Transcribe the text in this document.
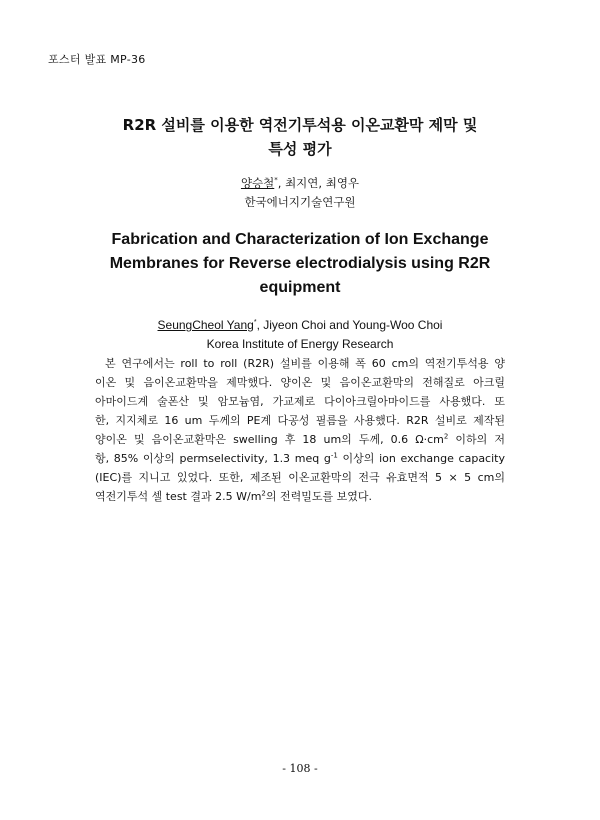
포스터 발표 MP-36
R2R 설비를 이용한 역전기투석용 이온교환막 제막 및
특성 평가
양승철*, 최지연, 최영우
한국에너지기술연구원
Fabrication and Characterization of Ion Exchange
Membranes for Reverse electrodialysis using R2R
equipment
SeungCheol Yang*, Jiyeon Choi and Young-Woo Choi
Korea Institute of Energy Research
본 연구에서는 roll to roll (R2R) 설비를 이용해 폭 60 cm의 역전기투석용 양
이온 및 음이온교환막을 제막했다. 양이온 및 음이온교환막의 전해질로 아크릴
아마이드계 술폰산 및 암모늄염, 가교제로 다이아크릴아마이드를 사용했다. 또
한, 지지체로 16 um 두께의 PE계 다공성 필름을 사용했다. R2R 설비로 제작된
양이온 및 음이온교환막은 swelling 후 18 um의 두께, 0.6 $\Omega\cdot cm^2$ 이하의 저
항, 85% 이상의 permselectivity, 1.3 meq $g^{-1}$ 이상의 ion exchange capacity
(IEC)를 지니고 있었다. 또한, 제조된 이온교환막의 전극 유효면적 5 × 5 cm의
역전기투석 셀 test 결과 2.5 $W/m^2$의 전력밀도를 보였다.
- 108 -
